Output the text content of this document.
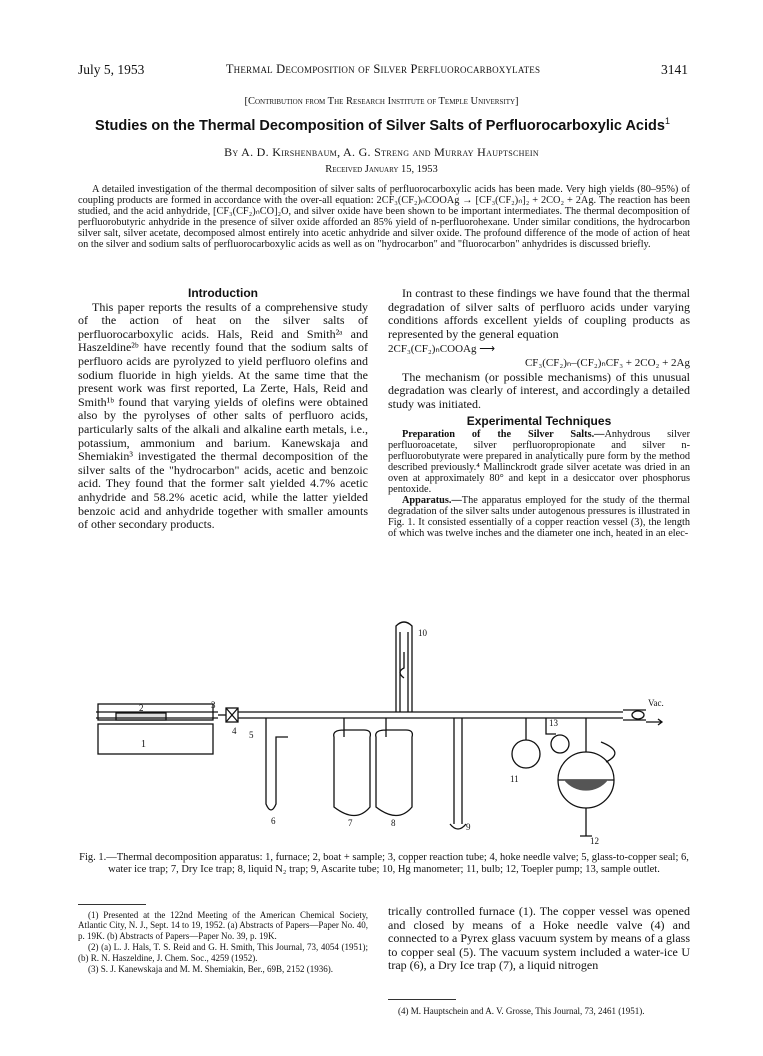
July 5, 1953	Thermal Decomposition of Silver Perfluorocarboxylates	3141
[Contribution from The Research Institute of Temple University]
Studies on the Thermal Decomposition of Silver Salts of Perfluorocarboxylic Acids$^1$
By A. D. Kirshenbaum, A. G. Streng and Murray Hauptschein
Received January 15, 1953

A detailed investigation of the thermal decomposition of silver salts of perfluorocarboxylic acids has been made. Very high yields (80–95%) of coupling products are formed in accordance with the over-all equation: 2CF₃(CF₂)ₙCOOAg → [CF₃(CF₂)ₙ]₂ + 2CO₂ + 2Ag. The reaction has been studied, and the acid anhydride, [CF₃(CF₂)ₙCO]₂O, and silver oxide have been shown to be important intermediates. The thermal decomposition of perfluorobutyric anhydride in the presence of silver oxide afforded an 85% yield of n-perfluorohexane. Under similar conditions, the hydrocarbon silver salt, silver acetate, decomposed almost entirely into acetic anhydride and silver oxide. The profound difference of the mode of action of heat on the silver and sodium salts of perfluorocarboxylic acids as well as on "hydrocarbon" and "fluorocarbon" anhydrides is discussed briefly.

Introduction

This paper reports the results of a comprehensive study of the action of heat on the silver salts of perfluorocarboxylic acids. Hals, Reid and Smith²ᵃ and Haszeldine²ᵇ have recently found that the sodium salts of perfluoro acids are pyrolyzed to yield perfluoro olefins and sodium fluoride in high yields. At the same time that the present work was first reported, La Zerte, Hals, Reid and Smith¹ᵇ found that varying yields of olefins were obtained also by the pyrolyses of other salts of perfluoro acids, particularly salts of the alkali and alkaline earth metals, i.e., potassium, ammonium and barium. Kanewskaja and Shemiakin³ investigated the thermal decomposition of the silver salts of the "hydrocarbon" acids, acetic and benzoic acid. They found that the former salt yielded 4.7% acetic anhydride and 58.2% acetic acid, while the latter yielded benzoic acid and anhydride together with smaller amounts of other secondary products.

In contrast to these findings we have found that the thermal degradation of silver salts of perfluoro acids under varying conditions affords excellent yields of coupling products as represented by the general equation

2CF₃(CF₂)ₙCOOAg ⟶

CF₃(CF₂)ₙ–(CF₂)ₙCF₃ + 2CO₂ + 2Ag

The mechanism (or possible mechanisms) of this unusual degradation was clearly of interest, and accordingly a detailed study was initiated.

Experimental Techniques

Preparation of the Silver Salts.—Anhydrous silver perfluoroacetate, silver perfluoropropionate and silver n-perfluorobutyrate were prepared in analytically pure form by the method described previously.⁴ Mallinckrodt grade silver acetate was dried in an oven at approximately 80° and kept in a desiccator over phosphorus pentoxide.

Apparatus.—The apparatus employed for the study of the thermal degradation of the silver salts under autogenous pressures is illustrated in Fig. 1. It consisted essentially of a copper reaction vessel (3), the length of which was twelve inches and the diameter one inch, heated in an elec-

1
2	3
4 5
6	7	8	9
10
11
12
13
Vac.
Fig. 1.—Thermal decomposition apparatus: 1, furnace; 2, boat + sample; 3, copper reaction tube; 4, hoke needle valve; 5, glass-to-copper seal; 6, water ice trap; 7, Dry Ice trap; 8, liquid N₂ trap; 9, Ascarite tube; 10, Hg manometer; 11, bulb; 12, Toepler pump; 13, sample outlet.

(1) Presented at the 122nd Meeting of the American Chemical Society, Atlantic City, N. J., Sept. 14 to 19, 1952. (a) Abstracts of Papers—Paper No. 40, p. 19K. (b) Abstracts of Papers—Paper No. 39, p. 19K.

(2) (a) L. J. Hals, T. S. Reid and G. H. Smith, This Journal, 73, 4054 (1951); (b) R. N. Haszeldine, J. Chem. Soc., 4259 (1952).

(3) S. J. Kanewskaja and M. M. Shemiakin, Ber., 69B, 2152 (1936).

trically controlled furnace (1). The copper vessel was opened and closed by means of a Hoke needle valve (4) and connected to a Pyrex glass vacuum system by means of a glass to copper seal (5). The vacuum system included a water-ice U trap (6), a Dry Ice trap (7), a liquid nitrogen

(4) M. Hauptschein and A. V. Grosse, This Journal, 73, 2461 (1951).
